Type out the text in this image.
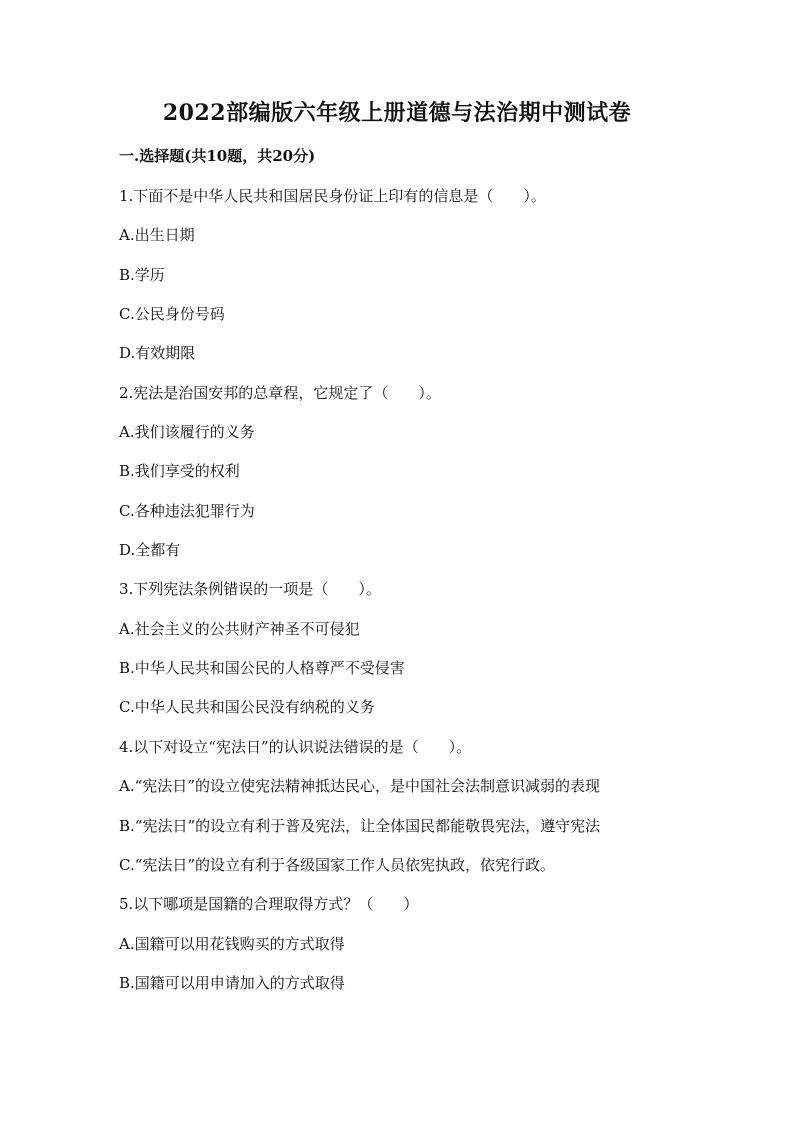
2022部编版六年级上册道德与法治期中测试卷
一.选择题(共10题，共20分)
1.下面不是中华人民共和国居民身份证上印有的信息是（　　）。
A.出生日期
B.学历
C.公民身份号码
D.有效期限
2.宪法是治国安邦的总章程，它规定了（　　）。
A.我们该履行的义务
B.我们享受的权利
C.各种违法犯罪行为
D.全都有
3.下列宪法条例错误的一项是（　　）。
A.社会主义的公共财产神圣不可侵犯
B.中华人民共和国公民的人格尊严不受侵害
C.中华人民共和国公民没有纳税的义务
4.以下对设立“宪法日”的认识说法错误的是（　　）。
A.“宪法日”的设立使宪法精神抵达民心，是中国社会法制意识减弱的表现
B.“宪法日”的设立有利于普及宪法，让全体国民都能敬畏宪法，遵守宪法
C.“宪法日”的设立有利于各级国家工作人员依宪执政，依宪行政。
5.以下哪项是国籍的合理取得方式？（　　）
A.国籍可以用花钱购买的方式取得
B.国籍可以用申请加入的方式取得
